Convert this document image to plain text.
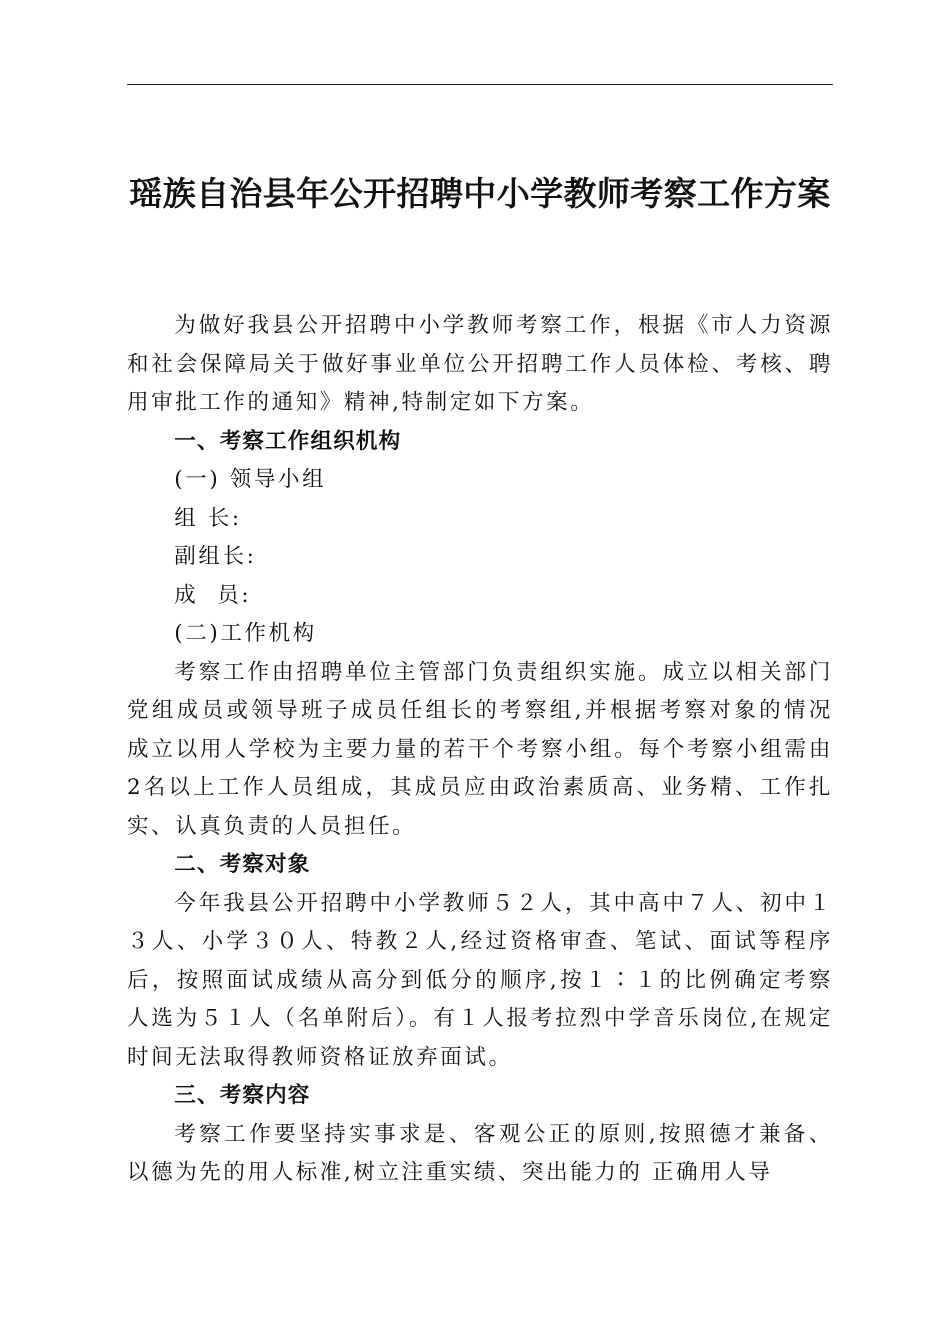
瑶族自治县年公开招聘中小学教师考察工作方案

为做好我县公开招聘中小学教师考察工作，根据《市人力资源和社会保障局关于做好事业单位公开招聘工作人员体检、考核、聘用审批工作的通知》精神,特制定如下方案。

一、考察工作组织机构

(一) 领导小组

组 长:

副组长:

成  员:

(二)工作机构

考察工作由招聘单位主管部门负责组织实施。成立以相关部门党组成员或领导班子成员任组长的考察组,并根据考察对象的情况成立以用人学校为主要力量的若干个考察小组。每个考察小组需由2名以上工作人员组成，其成员应由政治素质高、业务精、工作扎实、认真负责的人员担任。

二、考察对象

今年我县公开招聘中小学教师５２人，其中高中７人、初中１３人、小学３０人、特教２人,经过资格审查、笔试、面试等程序后，按照面试成绩从高分到低分的顺序,按１∶１的比例确定考察人选为５１人（名单附后）。有１人报考拉烈中学音乐岗位,在规定时间无法取得教师资格证放弃面试。

三、考察内容

考察工作要坚持实事求是、客观公正的原则,按照德才兼备、以德为先的用人标准,树立注重实绩、突出能力的 正确用人导
